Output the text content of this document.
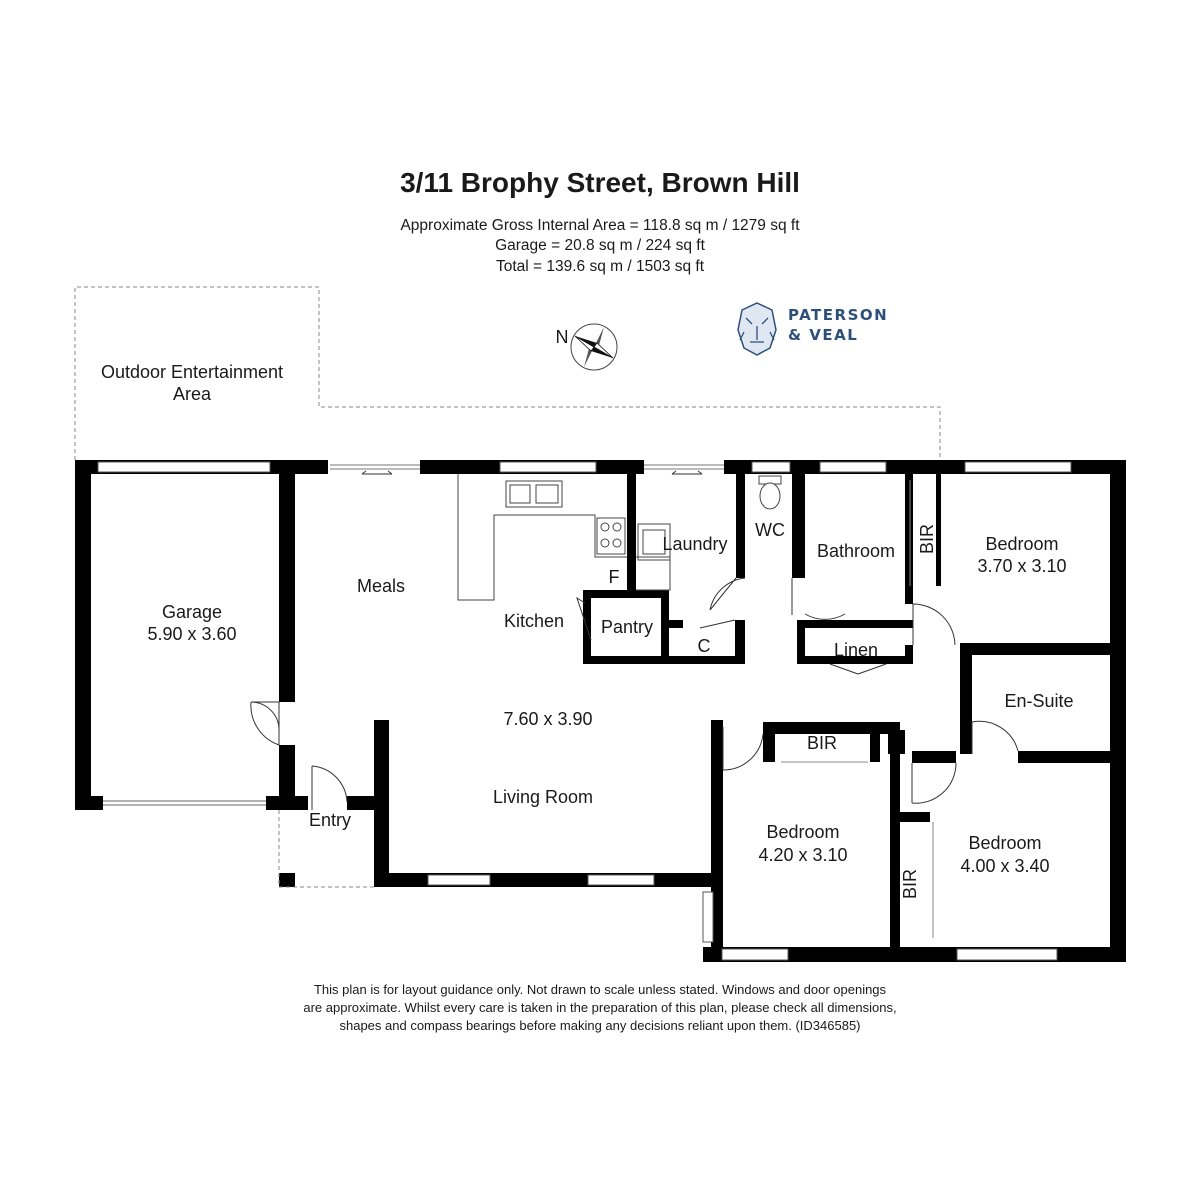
3/11 Brophy Street, Brown Hill
Approximate Gross Internal Area = 118.8 sq m / 1279 sq ft
Garage = 20.8 sq m / 224 sq ft
Total = 139.6 sq m / 1503 sq ft
PATERSON
& VEAL
N
Outdoor Entertainment
Area
Garage
5.90 x 3.60
Meals
Kitchen Pantry
F
Laundry
C
WC
Bathroom
Linen
BIR	Bedroom
3.70 x 3.10
En-Suite
7.60 x 3.90
Living Room
Entry
BIR
Bedroom
4.20 x 3.10
BIR
Bedroom
4.00 x 3.40
This plan is for layout guidance only. Not drawn to scale unless stated. Windows and door openings
are approximate. Whilst every care is taken in the preparation of this plan, please check all dimensions,
shapes and compass bearings before making any decisions reliant upon them. (ID346585)
